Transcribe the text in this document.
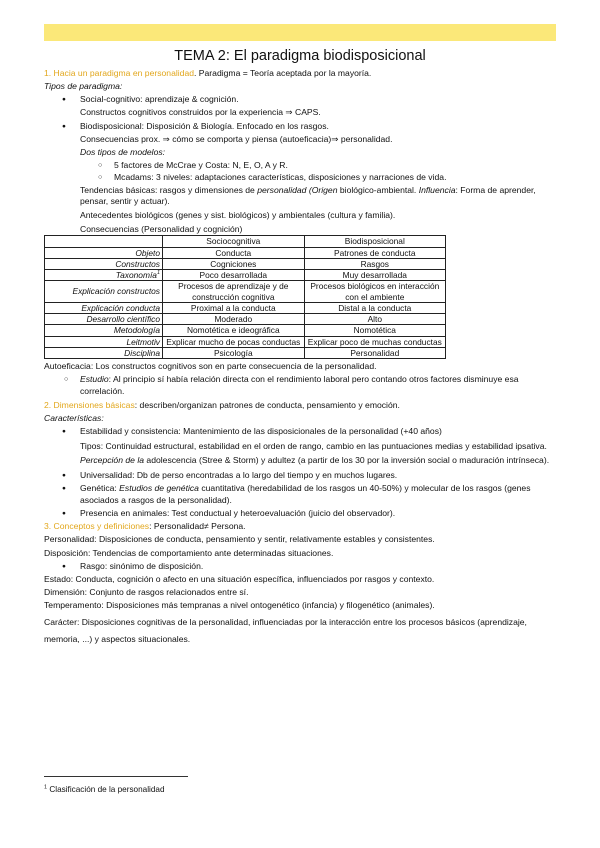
TEMA 2: El paradigma biodisposicional
1. Hacia un paradigma en personalidad. Paradigma = Teoría aceptada por la mayoría.
Tipos de paradigma:
● Social-cognitivo: aprendizaje & cognición.
Constructos cognitivos construidos por la experiencia ⇒ CAPS.
● Biodisposicional: Disposición & Biología. Enfocado en los rasgos.
Consecuencias prox. ⇒ cómo se comporta y piensa (autoeficacia)⇒ personalidad.
Dos tipos de modelos:
○ 5 factores de McCrae y Costa: N, E, O, A y R.
○ Mcadams: 3 niveles: adaptaciones características, disposiciones y narraciones de vida.
Tendencias básicas: rasgos y dimensiones de personalidad (Origen biológico-ambiental. Influencia: Forma de aprender, pensar, sentir y actuar).
Antecedentes biológicos (genes y sist. biológicos) y ambientales (cultura y familia).
Consecuencias (Personalidad y cognición)
	Sociocognitiva	Biodisposicional
Objeto	Conducta	Patrones de conducta
Constructos	Cogniciones	Rasgos
Taxonomía$^1$	Poco desarrollada	Muy desarrollada
Explicación constructos	Procesos de aprendizaje y de construcción cognitiva	Procesos biológicos en interacción con el ambiente
Explicación conducta	Proximal a la conducta	Distal a la conducta
Desarrollo científico	Moderado	Alto
Metodología	Nomotética e ideográfica	Nomotética
Leitmotiv	Explicar mucho de pocas conductas	Explicar poco de muchas conductas
Disciplina	Psicología	Personalidad
Autoeficacia: Los constructos cognitivos son en parte consecuencia de la personalidad.
○ Estudio: Al principio sí había relación directa con el rendimiento laboral pero contando otros factores disminuye esa correlación.
2. Dimensiones básicas: describen/organizan patrones de conducta, pensamiento y emoción.
Características:
● Estabilidad y consistencia: Mantenimiento de las disposicionales de la personalidad (+40 años)
Tipos: Continuidad estructural, estabilidad en el orden de rango, cambio en las puntuaciones medias y estabilidad ipsativa.
Percepción de la adolescencia (Stree & Storm) y adultez (a partir de los 30 por la inversión social o maduración intrínseca).
● Universalidad: Db de perso encontradas a lo largo del tiempo y en muchos lugares.
● Genética: Estudios de genética cuantitativa (heredabilidad de los rasgos un 40-50%) y molecular de los rasgos (genes asociados a rasgos de la personalidad).
● Presencia en animales: Test conductual y heteroevaluación (juicio del observador).
3. Conceptos y definiciones: Personalidad≠ Persona.
Personalidad: Disposiciones de conducta, pensamiento y sentir, relativamente estables y consistentes.
Disposición: Tendencias de comportamiento ante determinadas situaciones.
● Rasgo: sinónimo de disposición.
Estado: Conducta, cognición o afecto en una situación específica, influenciados por rasgos y contexto.
Dimensión: Conjunto de rasgos relacionados entre sí.
Temperamento: Disposiciones más tempranas a nivel ontogenético (infancia) y filogenético (animales).
Carácter: Disposiciones cognitivas de la personalidad, influenciadas por la interacción entre los procesos básicos (aprendizaje, memoria, ...) y aspectos situacionales.
$^1$ Clasificación de la personalidad
